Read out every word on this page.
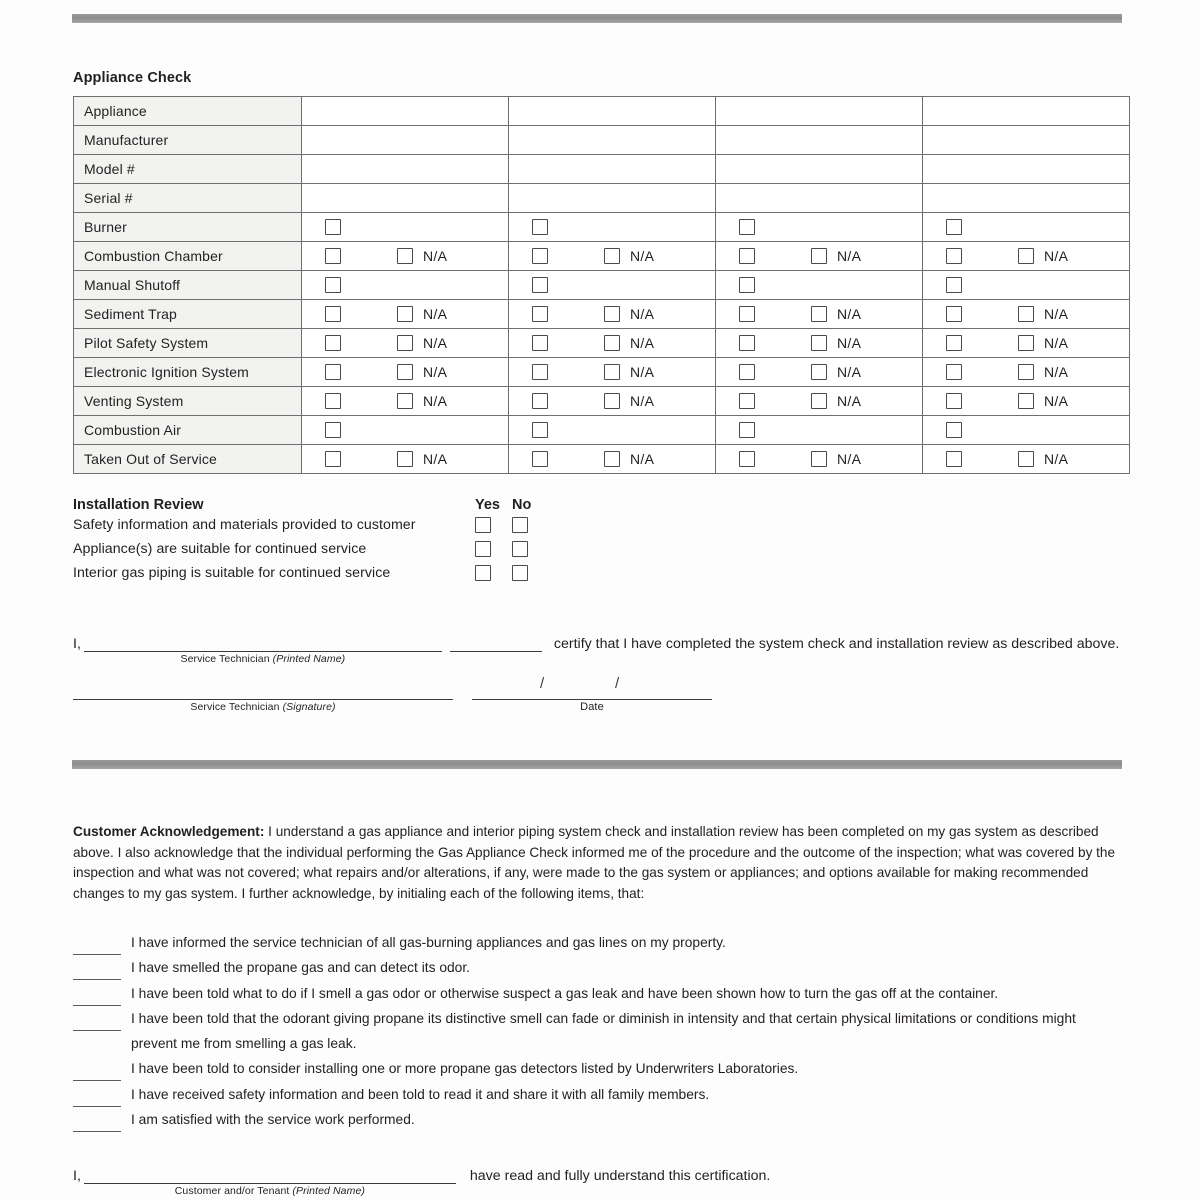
Appliance Check
Appliance				
Manufacturer				
Model #				
Serial #				
Burner	

Combustion Chamber	N/A	N/A	N/A	N/A

Manual Shutoff	

Sediment Trap	N/A	N/A	N/A	N/A

Pilot Safety System	N/A	N/A	N/A	N/A

Electronic Ignition System	N/A	N/A	N/A	N/A

Venting System	N/A	N/A	N/A	N/A

Combustion Air	

Taken Out of Service	N/A	N/A	N/A	N/A
Installation Review	Yes No
Safety information and materials provided to customer
Appliance(s) are suitable for continued service
Interior gas piping is suitable for continued service
I,
Service Technician (Printed Name)
certify that I have completed the system check and installation review as described above.
Service Technician (Signature)
/	/
Date
Customer Acknowledgement: I understand a gas appliance and interior piping system check and installation review has been completed on my gas system as described above. I also acknowledge that the individual performing the Gas Appliance Check informed me of the procedure and the outcome of the inspection; what was covered by the inspection and what was not covered; what repairs and/or alterations, if any, were made to the gas system or appliances; and options available for making recommended changes to my gas system. I further acknowledge, by initialing each of the following items, that:
I have informed the service technician of all gas-burning appliances and gas lines on my property.
I have smelled the propane gas and can detect its odor.
I have been told what to do if I smell a gas odor or otherwise suspect a gas leak and have been shown how to turn the gas off at the container.
I have been told that the odorant giving propane its distinctive smell can fade or diminish in intensity and that certain physical limitations or conditions might prevent me from smelling a gas leak.
I have been told to consider installing one or more propane gas detectors listed by Underwriters Laboratories.
I have received safety information and been told to read it and share it with all family members.
I am satisfied with the service work performed.
I,
Customer and/or Tenant (Printed Name)
have read and fully understand this certification.
